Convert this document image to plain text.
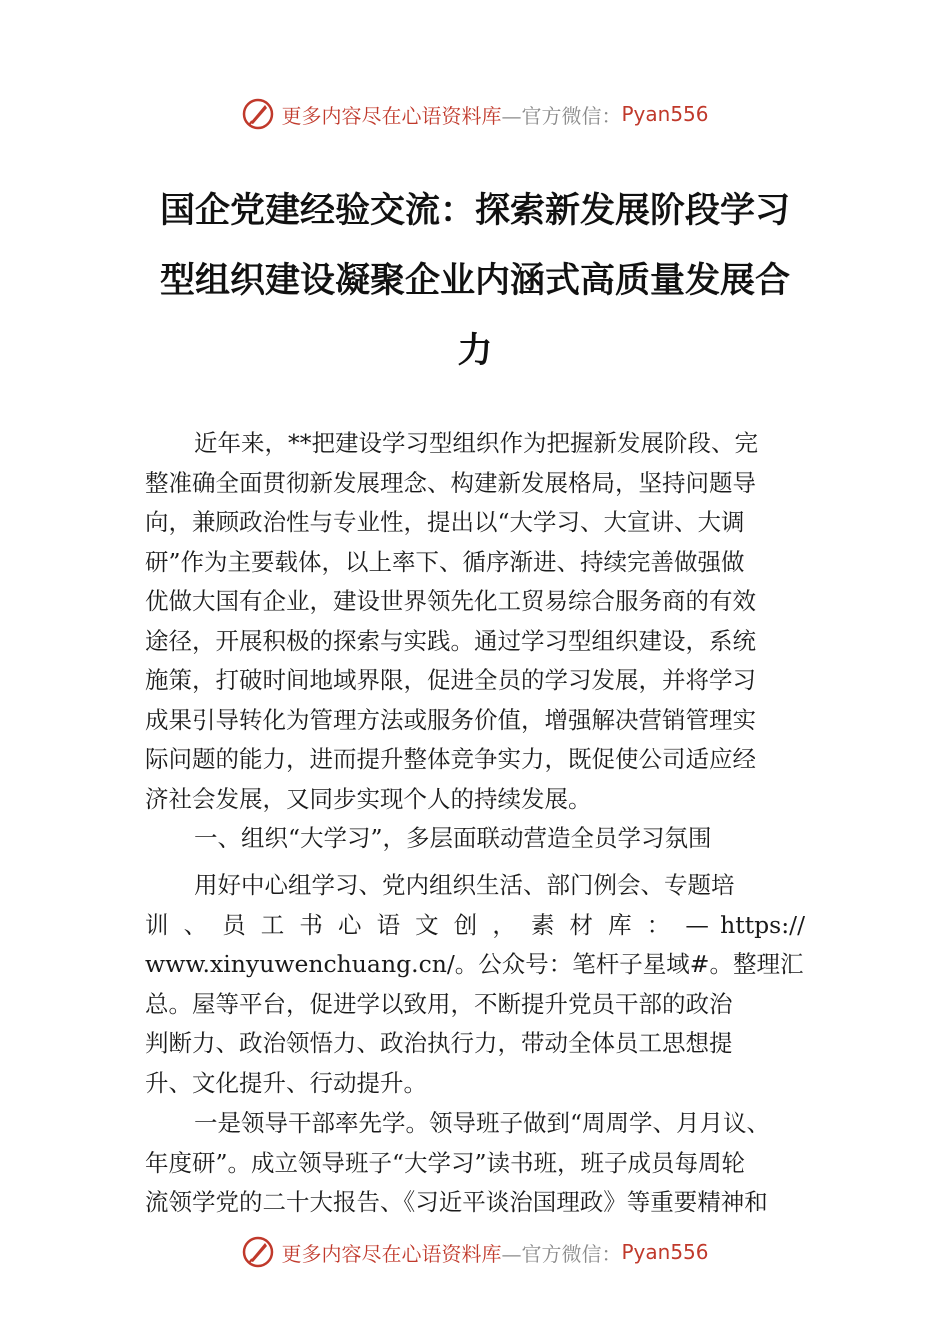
更多内容尽在心语资料库 —官方微信： Pyan556
国企党建经验交流：探索新发展阶段学习
型组织建设凝聚企业内涵式高质量发展合
力
近年来，**把建设学习型组织作为把握新发展阶段、完
整准确全面贯彻新发展理念、构建新发展格局，坚持问题导
向，兼顾政治性与专业性，提出以“大学习、大宣讲、大调
研”作为主要载体，以上率下、循序渐进、持续完善做强做
优做大国有企业，建设世界领先化工贸易综合服务商的有效
途径，开展积极的探索与实践。通过学习型组织建设，系统
施策，打破时间地域界限，促进全员的学习发展，并将学习
成果引导转化为管理方法或服务价值，增强解决营销管理实
际问题的能力，进而提升整体竞争实力，既促使公司适应经
济社会发展，又同步实现个人的持续发展。
一、组织“大学习”，多层面联动营造全员学习氛围
用好中心组学习、党内组织生活、部门例会、专题培
训 、 员 工 书 心 语 文 创 ， 素 材 库 ： — https://
www.xinyuwenchuang.cn/。公众号：笔杆子星域#。整理汇
总。屋等平台，促进学以致用，不断提升党员干部的政治
判断力、政治领悟力、政治执行力，带动全体员工思想提
升、文化提升、行动提升。
一是领导干部率先学。领导班子做到“周周学、月月议、
年度研”。成立领导班子“大学习”读书班，班子成员每周轮
流领学党的二十大报告、《习近平谈治国理政》等重要精神和
更多内容尽在心语资料库 —官方微信： Pyan556
